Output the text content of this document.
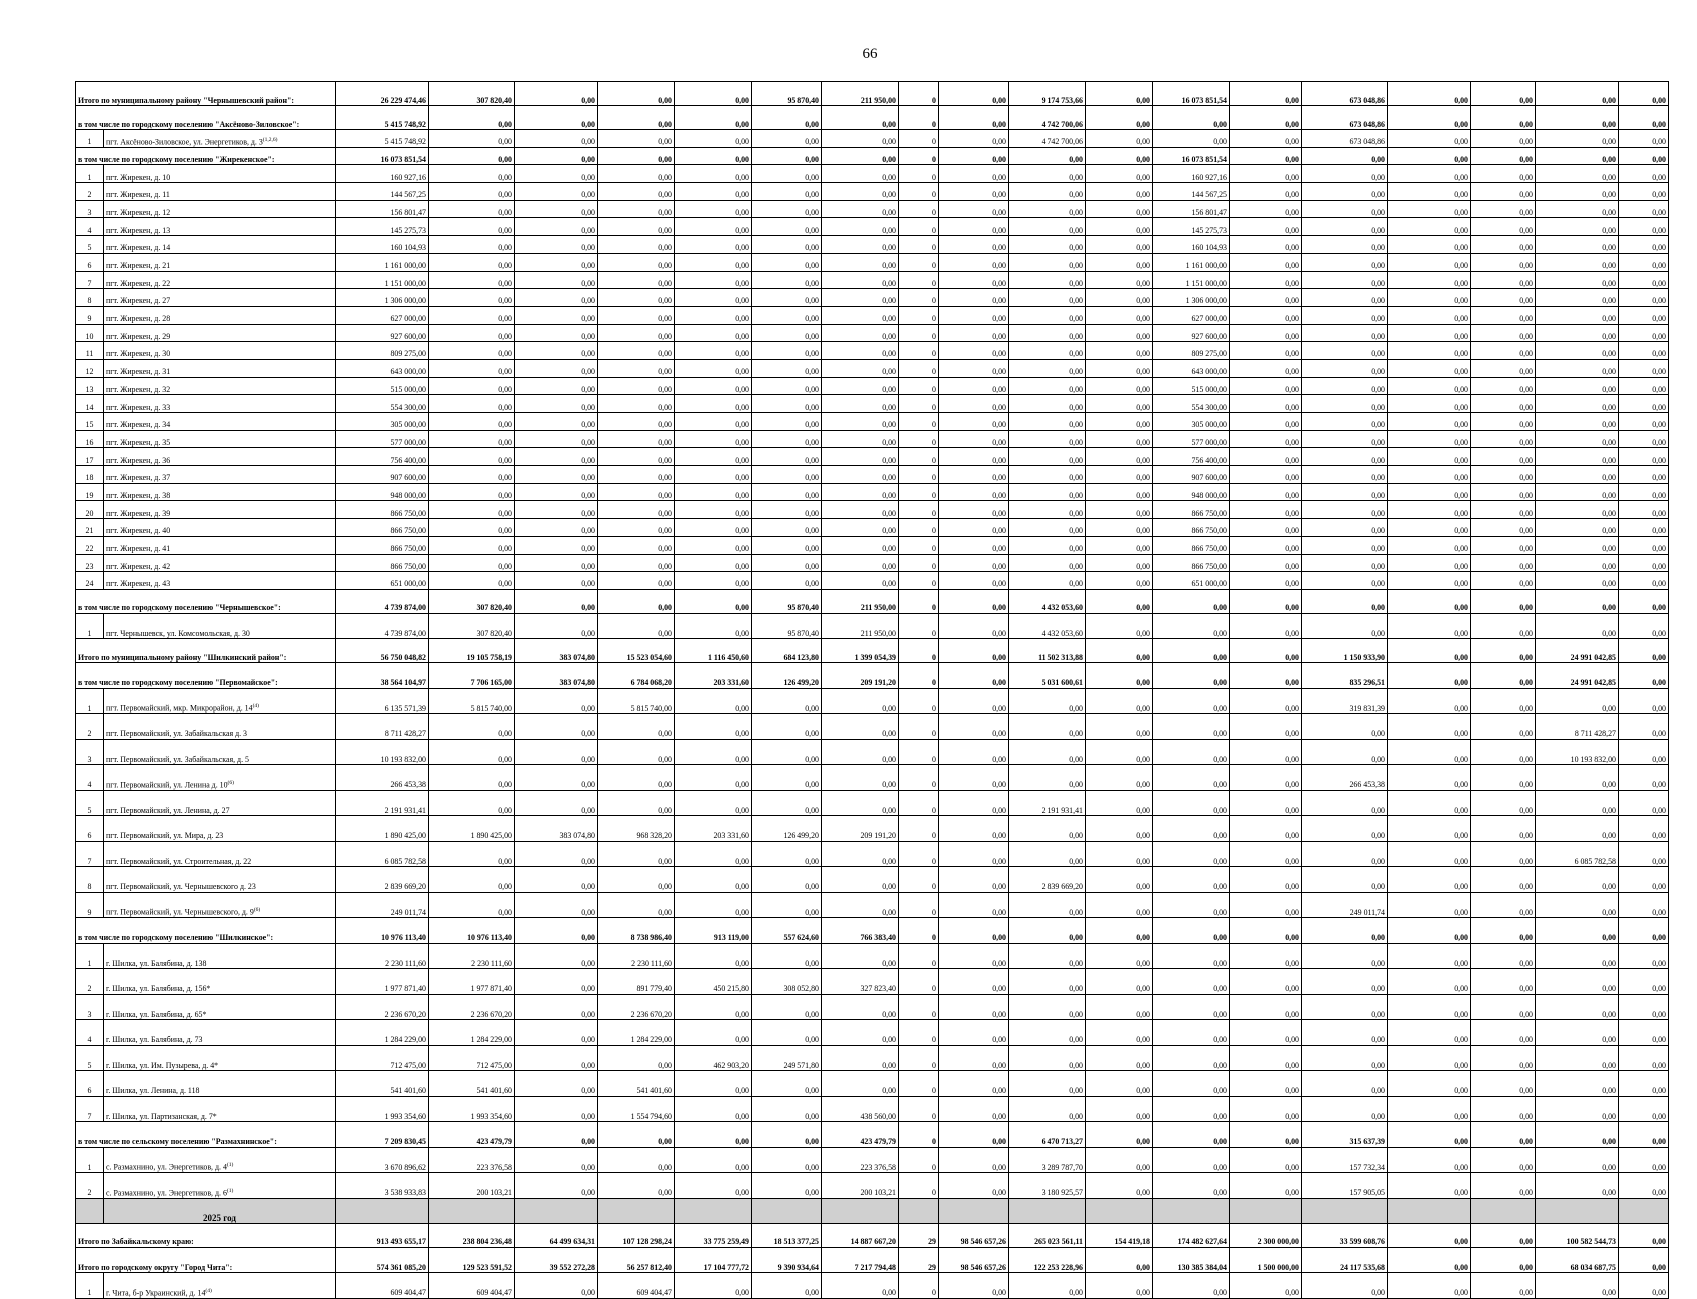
66
Итого по муниципальному району "Чернышевский район":		26 229 474,46	307 820,40	0,00	0,00	0,00	95 870,40	211 950,00	0	0,00	9 174 753,66	0,00	16 073 851,54	0,00	673 048,86	0,00	0,00	0,00	0,00
в том числе по городскому поселению "Аксёново-Зиловское":		5 415 748,92	0,00	0,00	0,00	0,00	0,00	0,00	0	0,00	4 742 700,06	0,00	0,00	0,00	673 048,86	0,00	0,00	0,00	0,00
1	пгт. Аксёново-Зиловское, ул. Энергетиков, д. 3$^{(1,2,6)}$	5 415 748,92	0,00	0,00	0,00	0,00	0,00	0,00	0	0,00	4 742 700,06	0,00	0,00	0,00	673 048,86	0,00	0,00	0,00	0,00
в том числе по городскому поселению "Жирекенское":		16 073 851,54	0,00	0,00	0,00	0,00	0,00	0,00	0	0,00	0,00	0,00	16 073 851,54	0,00	0,00	0,00	0,00	0,00	0,00
1	пгт. Жирекен, д. 10	160 927,16	0,00	0,00	0,00	0,00	0,00	0,00	0	0,00	0,00	0,00	160 927,16	0,00	0,00	0,00	0,00	0,00	0,00
2	пгт. Жирекен, д. 11	144 567,25	0,00	0,00	0,00	0,00	0,00	0,00	0	0,00	0,00	0,00	144 567,25	0,00	0,00	0,00	0,00	0,00	0,00
3	пгт. Жирекен, д. 12	156 801,47	0,00	0,00	0,00	0,00	0,00	0,00	0	0,00	0,00	0,00	156 801,47	0,00	0,00	0,00	0,00	0,00	0,00
4	пгт. Жирекен, д. 13	145 275,73	0,00	0,00	0,00	0,00	0,00	0,00	0	0,00	0,00	0,00	145 275,73	0,00	0,00	0,00	0,00	0,00	0,00
5	пгт. Жирекен, д. 14	160 104,93	0,00	0,00	0,00	0,00	0,00	0,00	0	0,00	0,00	0,00	160 104,93	0,00	0,00	0,00	0,00	0,00	0,00
6	пгт. Жирекен, д. 21	1 161 000,00	0,00	0,00	0,00	0,00	0,00	0,00	0	0,00	0,00	0,00	1 161 000,00	0,00	0,00	0,00	0,00	0,00	0,00
7	пгт. Жирекен, д. 22	1 151 000,00	0,00	0,00	0,00	0,00	0,00	0,00	0	0,00	0,00	0,00	1 151 000,00	0,00	0,00	0,00	0,00	0,00	0,00
8	пгт. Жирекен, д. 27	1 306 000,00	0,00	0,00	0,00	0,00	0,00	0,00	0	0,00	0,00	0,00	1 306 000,00	0,00	0,00	0,00	0,00	0,00	0,00
9	пгт. Жирекен, д. 28	627 000,00	0,00	0,00	0,00	0,00	0,00	0,00	0	0,00	0,00	0,00	627 000,00	0,00	0,00	0,00	0,00	0,00	0,00
10	пгт. Жирекен, д. 29	927 600,00	0,00	0,00	0,00	0,00	0,00	0,00	0	0,00	0,00	0,00	927 600,00	0,00	0,00	0,00	0,00	0,00	0,00
11	пгт. Жирекен, д. 30	809 275,00	0,00	0,00	0,00	0,00	0,00	0,00	0	0,00	0,00	0,00	809 275,00	0,00	0,00	0,00	0,00	0,00	0,00
12	пгт. Жирекен, д. 31	643 000,00	0,00	0,00	0,00	0,00	0,00	0,00	0	0,00	0,00	0,00	643 000,00	0,00	0,00	0,00	0,00	0,00	0,00
13	пгт. Жирекен, д. 32	515 000,00	0,00	0,00	0,00	0,00	0,00	0,00	0	0,00	0,00	0,00	515 000,00	0,00	0,00	0,00	0,00	0,00	0,00
14	пгт. Жирекен, д. 33	554 300,00	0,00	0,00	0,00	0,00	0,00	0,00	0	0,00	0,00	0,00	554 300,00	0,00	0,00	0,00	0,00	0,00	0,00
15	пгт. Жирекен, д. 34	305 000,00	0,00	0,00	0,00	0,00	0,00	0,00	0	0,00	0,00	0,00	305 000,00	0,00	0,00	0,00	0,00	0,00	0,00
16	пгт. Жирекен, д. 35	577 000,00	0,00	0,00	0,00	0,00	0,00	0,00	0	0,00	0,00	0,00	577 000,00	0,00	0,00	0,00	0,00	0,00	0,00
17	пгт. Жирекен, д. 36	756 400,00	0,00	0,00	0,00	0,00	0,00	0,00	0	0,00	0,00	0,00	756 400,00	0,00	0,00	0,00	0,00	0,00	0,00
18	пгт. Жирекен, д. 37	907 600,00	0,00	0,00	0,00	0,00	0,00	0,00	0	0,00	0,00	0,00	907 600,00	0,00	0,00	0,00	0,00	0,00	0,00
19	пгт. Жирекен, д. 38	948 000,00	0,00	0,00	0,00	0,00	0,00	0,00	0	0,00	0,00	0,00	948 000,00	0,00	0,00	0,00	0,00	0,00	0,00
20	пгт. Жирекен, д. 39	866 750,00	0,00	0,00	0,00	0,00	0,00	0,00	0	0,00	0,00	0,00	866 750,00	0,00	0,00	0,00	0,00	0,00	0,00
21	пгт. Жирекен, д. 40	866 750,00	0,00	0,00	0,00	0,00	0,00	0,00	0	0,00	0,00	0,00	866 750,00	0,00	0,00	0,00	0,00	0,00	0,00
22	пгт. Жирекен, д. 41	866 750,00	0,00	0,00	0,00	0,00	0,00	0,00	0	0,00	0,00	0,00	866 750,00	0,00	0,00	0,00	0,00	0,00	0,00
23	пгт. Жирекен, д. 42	866 750,00	0,00	0,00	0,00	0,00	0,00	0,00	0	0,00	0,00	0,00	866 750,00	0,00	0,00	0,00	0,00	0,00	0,00
24	пгт. Жирекен, д. 43	651 000,00	0,00	0,00	0,00	0,00	0,00	0,00	0	0,00	0,00	0,00	651 000,00	0,00	0,00	0,00	0,00	0,00	0,00
в том числе по городскому поселению "Чернышевское":		4 739 874,00	307 820,40	0,00	0,00	0,00	95 870,40	211 950,00	0	0,00	4 432 053,60	0,00	0,00	0,00	0,00	0,00	0,00	0,00	0,00
1	пгт. Чернышевск, ул. Комсомольская, д. 30	4 739 874,00	307 820,40	0,00	0,00	0,00	95 870,40	211 950,00	0	0,00	4 432 053,60	0,00	0,00	0,00	0,00	0,00	0,00	0,00	0,00
Итого по муниципальному району "Шилкинский район":		56 750 048,82	19 105 758,19	383 074,80	15 523 054,60	1 116 450,60	684 123,80	1 399 054,39	0	0,00	11 502 313,88	0,00	0,00	0,00	1 150 933,90	0,00	0,00	24 991 042,85	0,00
в том числе по городскому поселению "Первомайское":		38 564 104,97	7 706 165,00	383 074,80	6 784 068,20	203 331,60	126 499,20	209 191,20	0	0,00	5 031 600,61	0,00	0,00	0,00	835 296,51	0,00	0,00	24 991 042,85	0,00
1	пгт. Первомайский, мкр. Микрорайон, д. 14$^{(4)}$	6 135 571,39	5 815 740,00	0,00	5 815 740,00	0,00	0,00	0,00	0	0,00	0,00	0,00	0,00	0,00	319 831,39	0,00	0,00	0,00	0,00
2	пгт. Первомайский, ул. Забайкальская д. 3	8 711 428,27	0,00	0,00	0,00	0,00	0,00	0,00	0	0,00	0,00	0,00	0,00	0,00	0,00	0,00	0,00	8 711 428,27	0,00
3	пгт. Первомайский, ул. Забайкальская, д. 5	10 193 832,00	0,00	0,00	0,00	0,00	0,00	0,00	0	0,00	0,00	0,00	0,00	0,00	0,00	0,00	0,00	10 193 832,00	0,00
4	пгт. Первомайский, ул. Ленина д. 10$^{(6)}$	266 453,38	0,00	0,00	0,00	0,00	0,00	0,00	0	0,00	0,00	0,00	0,00	0,00	266 453,38	0,00	0,00	0,00	0,00
5	пгт. Первомайский, ул. Ленина, д. 27	2 191 931,41	0,00	0,00	0,00	0,00	0,00	0,00	0	0,00	2 191 931,41	0,00	0,00	0,00	0,00	0,00	0,00	0,00	0,00
6	пгт. Первомайский, ул. Мира, д. 23	1 890 425,00	1 890 425,00	383 074,80	968 328,20	203 331,60	126 499,20	209 191,20	0	0,00	0,00	0,00	0,00	0,00	0,00	0,00	0,00	0,00	0,00
7	пгт. Первомайский, ул. Строительная, д. 22	6 085 782,58	0,00	0,00	0,00	0,00	0,00	0,00	0	0,00	0,00	0,00	0,00	0,00	0,00	0,00	0,00	6 085 782,58	0,00
8	пгт. Первомайский, ул. Чернышевского д. 23	2 839 669,20	0,00	0,00	0,00	0,00	0,00	0,00	0	0,00	2 839 669,20	0,00	0,00	0,00	0,00	0,00	0,00	0,00	0,00
9	пгт. Первомайский, ул. Чернышевского, д. 9$^{(6)}$	249 011,74	0,00	0,00	0,00	0,00	0,00	0,00	0	0,00	0,00	0,00	0,00	0,00	249 011,74	0,00	0,00	0,00	0,00
в том числе по городскому поселению "Шилкинское":		10 976 113,40	10 976 113,40	0,00	8 738 986,40	913 119,00	557 624,60	766 383,40	0	0,00	0,00	0,00	0,00	0,00	0,00	0,00	0,00	0,00	0,00
1	г. Шилка, ул. Балябина, д. 138	2 230 111,60	2 230 111,60	0,00	2 230 111,60	0,00	0,00	0,00	0	0,00	0,00	0,00	0,00	0,00	0,00	0,00	0,00	0,00	0,00
2	г. Шилка, ул. Балябина, д. 156*	1 977 871,40	1 977 871,40	0,00	891 779,40	450 215,80	308 052,80	327 823,40	0	0,00	0,00	0,00	0,00	0,00	0,00	0,00	0,00	0,00	0,00
3	г. Шилка, ул. Балябина, д. 65*	2 236 670,20	2 236 670,20	0,00	2 236 670,20	0,00	0,00	0,00	0	0,00	0,00	0,00	0,00	0,00	0,00	0,00	0,00	0,00	0,00
4	г. Шилка, ул. Балябина, д. 73	1 284 229,00	1 284 229,00	0,00	1 284 229,00	0,00	0,00	0,00	0	0,00	0,00	0,00	0,00	0,00	0,00	0,00	0,00	0,00	0,00
5	г. Шилка, ул. Им. Пузырева, д. 4*	712 475,00	712 475,00	0,00	0,00	462 903,20	249 571,80	0,00	0	0,00	0,00	0,00	0,00	0,00	0,00	0,00	0,00	0,00	0,00
6	г. Шилка, ул. Ленина, д. 118	541 401,60	541 401,60	0,00	541 401,60	0,00	0,00	0,00	0	0,00	0,00	0,00	0,00	0,00	0,00	0,00	0,00	0,00	0,00
7	г. Шилка, ул. Партизанская, д. 7*	1 993 354,60	1 993 354,60	0,00	1 554 794,60	0,00	0,00	438 560,00	0	0,00	0,00	0,00	0,00	0,00	0,00	0,00	0,00	0,00	0,00
в том числе по сельскому поселению "Размахнинское":		7 209 830,45	423 479,79	0,00	0,00	0,00	0,00	423 479,79	0	0,00	6 470 713,27	0,00	0,00	0,00	315 637,39	0,00	0,00	0,00	0,00
1	с. Размахнино, ул. Энергетиков, д. 4$^{(1)}$	3 670 896,62	223 376,58	0,00	0,00	0,00	0,00	223 376,58	0	0,00	3 289 787,70	0,00	0,00	0,00	157 732,34	0,00	0,00	0,00	0,00
2	с. Размахнино, ул. Энергетиков, д. 6$^{(1)}$	3 538 933,83	200 103,21	0,00	0,00	0,00	0,00	200 103,21	0	0,00	3 180 925,57	0,00	0,00	0,00	157 905,05	0,00	0,00	0,00	0,00
	2025 год																		
Итого по Забайкальскому краю:		913 493 655,17	238 804 236,48	64 499 634,31	107 128 298,24	33 775 259,49	18 513 377,25	14 887 667,20	29	98 546 657,26	265 023 561,11	154 419,18	174 482 627,64	2 300 000,00	33 599 608,76	0,00	0,00	100 582 544,73	0,00
Итого по городскому округу "Город Чита":		574 361 085,20	129 523 591,52	39 552 272,28	56 257 812,40	17 104 777,72	9 390 934,64	7 217 794,48	29	98 546 657,26	122 253 228,96	0,00	130 385 384,04	1 500 000,00	24 117 535,68	0,00	0,00	68 034 687,75	0,00
1	г. Чита, б-р Украинский, д. 14$^{(4)}$	609 404,47	609 404,47	0,00	609 404,47	0,00	0,00	0,00	0	0,00	0,00	0,00	0,00	0,00	0,00	0,00	0,00	0,00	0,00
